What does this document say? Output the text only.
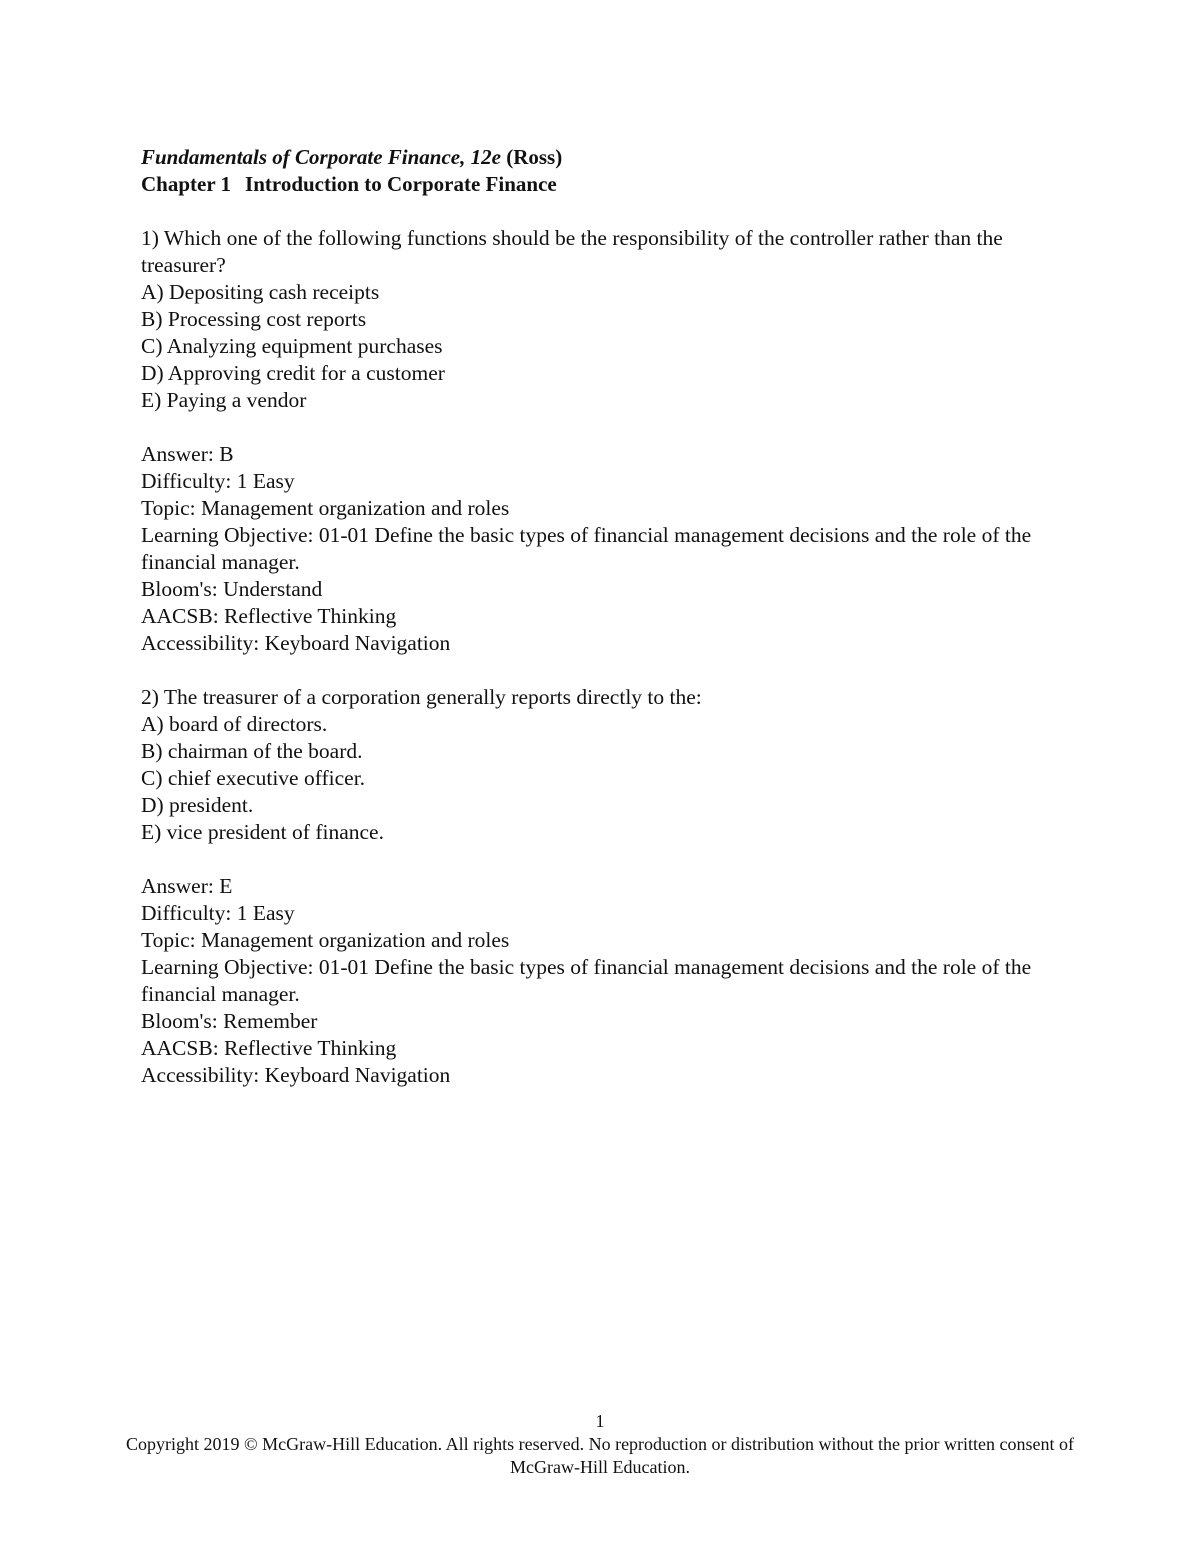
Fundamentals of Corporate Finance, 12e (Ross)
Chapter 1 Introduction to Corporate Finance

1) Which one of the following functions should be the responsibility of the controller rather than the treasurer?

A) Depositing cash receipts

B) Processing cost reports

C) Analyzing equipment purchases

D) Approving credit for a customer

E) Paying a vendor

Answer: B

Difficulty: 1 Easy

Topic: Management organization and roles

Learning Objective: 01-01 Define the basic types of financial management decisions and the role of the financial manager.

Bloom's: Understand

AACSB: Reflective Thinking

Accessibility: Keyboard Navigation

2) The treasurer of a corporation generally reports directly to the:

A) board of directors.

B) chairman of the board.

C) chief executive officer.

D) president.

E) vice president of finance.

Answer: E

Difficulty: 1 Easy

Topic: Management organization and roles

Learning Objective: 01-01 Define the basic types of financial management decisions and the role of the financial manager.

Bloom's: Remember

AACSB: Reflective Thinking

Accessibility: Keyboard Navigation

1
Copyright 2019 © McGraw-Hill Education. All rights reserved. No reproduction or distribution without the prior written consent of McGraw-Hill Education.
